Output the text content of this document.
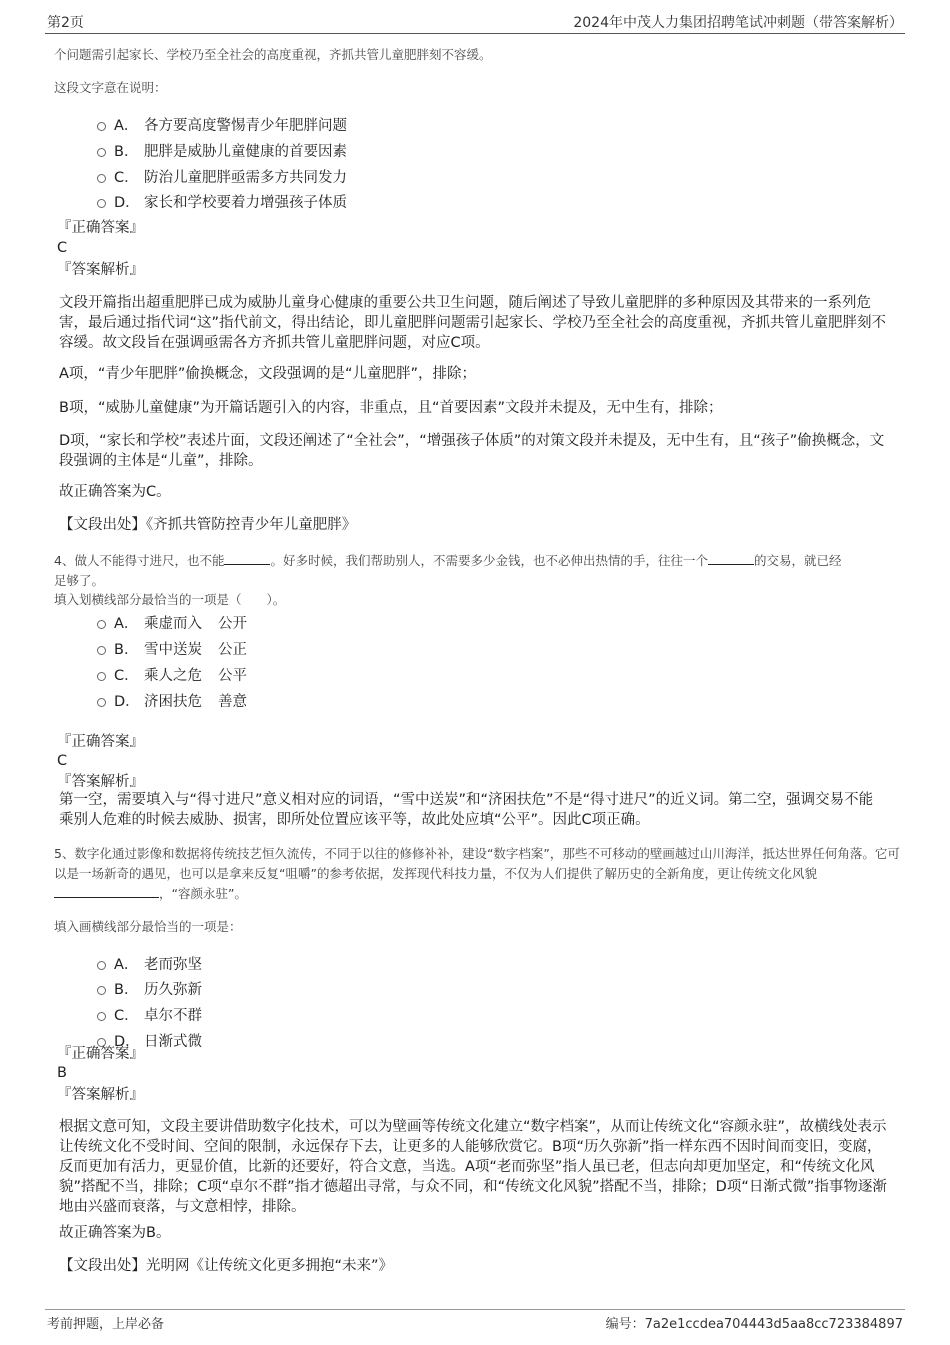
第2页	2024年中茂人力集团招聘笔试冲刺题（带答案解析）
个问题需引起家长、学校乃至全社会的高度重视，齐抓共管儿童肥胖刻不容缓。
这段文字意在说明：
A． 各方要高度警惕青少年肥胖问题
B． 肥胖是威胁儿童健康的首要因素
C． 防治儿童肥胖亟需多方共同发力
D． 家长和学校要着力增强孩子体质
『正确答案』
C
『答案解析』
文段开篇指出超重肥胖已成为威胁儿童身心健康的重要公共卫生问题，随后阐述了导致儿童肥胖的多种原因及其带来的一系列危害，最后通过指代词“这”指代前文，得出结论，即儿童肥胖问题需引起家长、学校乃至全社会的高度重视，齐抓共管儿童肥胖刻不容缓。故文段旨在强调亟需各方齐抓共管儿童肥胖问题，对应C项。
A项，“青少年肥胖”偷换概念，文段强调的是“儿童肥胖”，排除；
B项，“威胁儿童健康”为开篇话题引入的内容，非重点，且“首要因素”文段并未提及，无中生有，排除；
D项，“家长和学校”表述片面，文段还阐述了“全社会”，“增强孩子体质”的对策文段并未提及，无中生有，且“孩子”偷换概念，文段强调的主体是“儿童”，排除。
故正确答案为C。
【文段出处】《齐抓共管防控青少年儿童肥胖》
4、做人不能得寸进尺，也不能	。好多时候，我们帮助别人，不需要多少金钱，也不必伸出热情的手，往往一个	的交易，就已经
足够了。
填入划横线部分最恰当的一项是（　　）。
A． 乘虚而入 公开
B． 雪中送炭 公正
C． 乘人之危 公平
D． 济困扶危 善意
『正确答案』
C
『答案解析』
第一空，需要填入与“得寸进尺”意义相对应的词语，“雪中送炭”和“济困扶危”不是“得寸进尺”的近义词。第二空，强调交易不能乘别人危难的时候去威胁、损害，即所处位置应该平等，故此处应填“公平”。因此C项正确。
5、数字化通过影像和数据将传统技艺恒久流传，不同于以往的修修补补，建设“数字档案”，那些不可移动的壁画越过山川海洋，抵达世界任何角落。它可以是一场新奇的遇见，也可以是拿来反复“咀嚼”的参考依据，发挥现代科技力量，不仅为人们提供了解历史的全新角度，更让传统文化风貌，“容颜永驻”。
填入画横线部分最恰当的一项是：
A． 老而弥坚
B． 历久弥新
C． 卓尔不群
D． 日渐式微
『正确答案』
B
『答案解析』
根据文意可知，文段主要讲借助数字化技术，可以为壁画等传统文化建立“数字档案”，从而让传统文化“容颜永驻”，故横线处表示让传统文化不受时间、空间的限制，永远保存下去，让更多的人能够欣赏它。B项“历久弥新”指一样东西不因时间而变旧，变腐，反而更加有活力，更显价值，比新的还要好，符合文意，当选。A项“老而弥坚”指人虽已老，但志向却更加坚定，和“传统文化风貌”搭配不当，排除；C项“卓尔不群”指才德超出寻常，与众不同，和“传统文化风貌”搭配不当，排除；D项“日渐式微”指事物逐渐地由兴盛而衰落，与文意相悖，排除。
故正确答案为B。
【文段出处】光明网《让传统文化更多拥抱“未来”》
考前押题，上岸必备	编号：7a2e1ccdea704443d5aa8cc723384897
